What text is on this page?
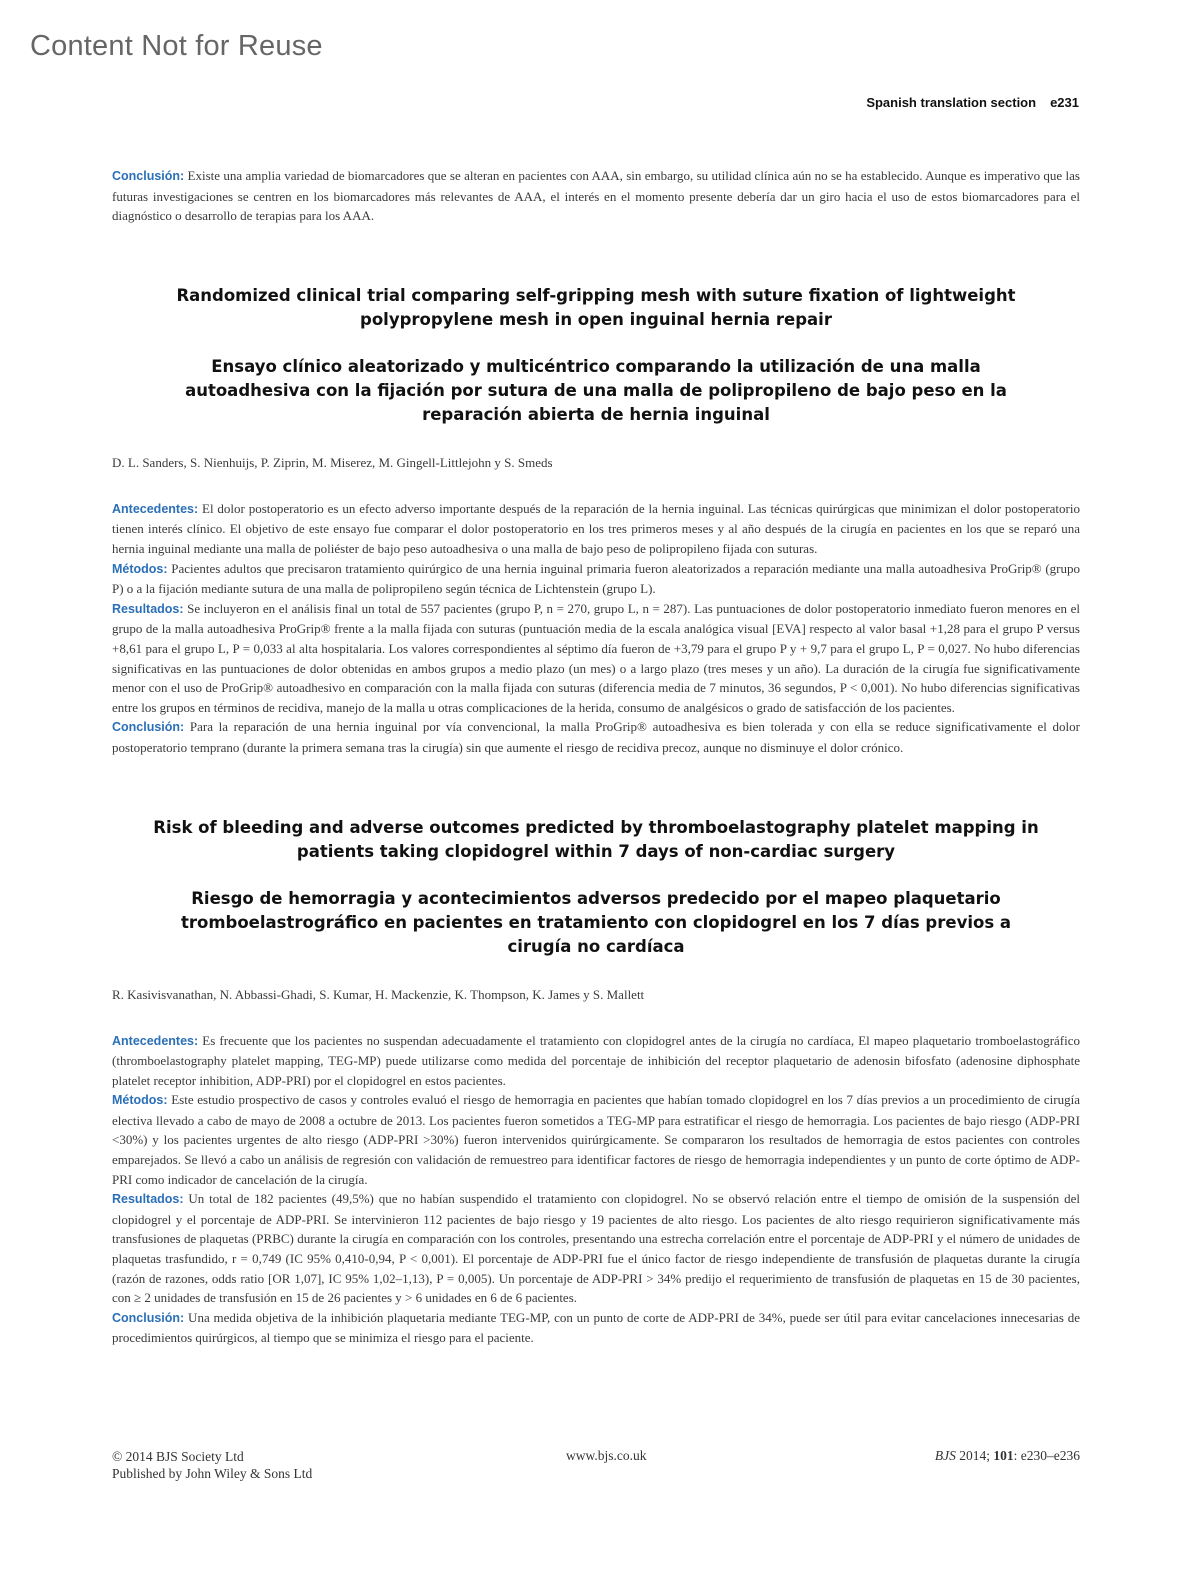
Content Not for Reuse
Spanish translation section e231

Conclusión: Existe una amplia variedad de biomarcadores que se alteran en pacientes con AAA, sin embargo, su utilidad clínica aún no se ha establecido. Aunque es imperativo que las futuras investigaciones se centren en los biomarcadores más relevantes de AAA, el interés en el momento presente debería dar un giro hacia el uso de estos biomarcadores para el diagnóstico o desarrollo de terapias para los AAA.

Randomized clinical trial comparing self-gripping mesh with suture fixation of lightweight polypropylene mesh in open inguinal hernia repair

Ensayo clínico aleatorizado y multicéntrico comparando la utilización de una malla autoadhesiva con la fijación por sutura de una malla de polipropileno de bajo peso en la reparación abierta de hernia inguinal

D. L. Sanders, S. Nienhuijs, P. Ziprin, M. Miserez, M. Gingell-Littlejohn y S. Smeds

Antecedentes: El dolor postoperatorio es un efecto adverso importante después de la reparación de la hernia inguinal. Las técnicas quirúrgicas que minimizan el dolor postoperatorio tienen interés clínico. El objetivo de este ensayo fue comparar el dolor postoperatorio en los tres primeros meses y al año después de la cirugía en pacientes en los que se reparó una hernia inguinal mediante una malla de poliéster de bajo peso autoadhesiva o una malla de bajo peso de polipropileno fijada con suturas.

Métodos: Pacientes adultos que precisaron tratamiento quirúrgico de una hernia inguinal primaria fueron aleatorizados a reparación mediante una malla autoadhesiva ProGrip® (grupo P) o a la fijación mediante sutura de una malla de polipropileno según técnica de Lichtenstein (grupo L).

Resultados: Se incluyeron en el análisis final un total de 557 pacientes (grupo P, n = 270, grupo L, n = 287). Las puntuaciones de dolor postoperatorio inmediato fueron menores en el grupo de la malla autoadhesiva ProGrip® frente a la malla fijada con suturas (puntuación media de la escala analógica visual [EVA] respecto al valor basal +1,28 para el grupo P versus +8,61 para el grupo L, P = 0,033 al alta hospitalaria. Los valores correspondientes al séptimo día fueron de +3,79 para el grupo P y + 9,7 para el grupo L, P = 0,027. No hubo diferencias significativas en las puntuaciones de dolor obtenidas en ambos grupos a medio plazo (un mes) o a largo plazo (tres meses y un año). La duración de la cirugía fue significativamente menor con el uso de ProGrip® autoadhesivo en comparación con la malla fijada con suturas (diferencia media de 7 minutos, 36 segundos, P < 0,001). No hubo diferencias significativas entre los grupos en términos de recidiva, manejo de la malla u otras complicaciones de la herida, consumo de analgésicos o grado de satisfacción de los pacientes.

Conclusión: Para la reparación de una hernia inguinal por vía convencional, la malla ProGrip® autoadhesiva es bien tolerada y con ella se reduce significativamente el dolor postoperatorio temprano (durante la primera semana tras la cirugía) sin que aumente el riesgo de recidiva precoz, aunque no disminuye el dolor crónico.

Risk of bleeding and adverse outcomes predicted by thromboelastography platelet mapping in patients taking clopidogrel within 7 days of non-cardiac surgery

Riesgo de hemorragia y acontecimientos adversos predecido por el mapeo plaquetario tromboelastrográfico en pacientes en tratamiento con clopidogrel en los 7 días previos a cirugía no cardíaca

R. Kasivisvanathan, N. Abbassi-Ghadi, S. Kumar, H. Mackenzie, K. Thompson, K. James y S. Mallett

Antecedentes: Es frecuente que los pacientes no suspendan adecuadamente el tratamiento con clopidogrel antes de la cirugía no cardíaca, El mapeo plaquetario tromboelastográfico (thromboelastography platelet mapping, TEG-MP) puede utilizarse como medida del porcentaje de inhibición del receptor plaquetario de adenosin bifosfato (adenosine diphosphate platelet receptor inhibition, ADP-PRI) por el clopidogrel en estos pacientes.

Métodos: Este estudio prospectivo de casos y controles evaluó el riesgo de hemorragia en pacientes que habían tomado clopidogrel en los 7 días previos a un procedimiento de cirugía electiva llevado a cabo de mayo de 2008 a octubre de 2013. Los pacientes fueron sometidos a TEG-MP para estratificar el riesgo de hemorragia. Los pacientes de bajo riesgo (ADP-PRI <30%) y los pacientes urgentes de alto riesgo (ADP-PRI >30%) fueron intervenidos quirúrgicamente. Se compararon los resultados de hemorragia de estos pacientes con controles emparejados. Se llevó a cabo un análisis de regresión con validación de remuestreo para identificar factores de riesgo de hemorragia independientes y un punto de corte óptimo de ADP-PRI como indicador de cancelación de la cirugía.

Resultados: Un total de 182 pacientes (49,5%) que no habían suspendido el tratamiento con clopidogrel. No se observó relación entre el tiempo de omisión de la suspensión del clopidogrel y el porcentaje de ADP-PRI. Se intervinieron 112 pacientes de bajo riesgo y 19 pacientes de alto riesgo. Los pacientes de alto riesgo requirieron significativamente más transfusiones de plaquetas (PRBC) durante la cirugía en comparación con los controles, presentando una estrecha correlación entre el porcentaje de ADP-PRI y el número de unidades de plaquetas trasfundido, r = 0,749 (IC 95% 0,410-0,94, P < 0,001). El porcentaje de ADP-PRI fue el único factor de riesgo independiente de transfusión de plaquetas durante la cirugía (razón de razones, odds ratio [OR 1,07], IC 95% 1,02–1,13), P = 0,005). Un porcentaje de ADP-PRI > 34% predijo el requerimiento de transfusión de plaquetas en 15 de 30 pacientes, con ≥ 2 unidades de transfusión en 15 de 26 pacientes y > 6 unidades en 6 de 6 pacientes.

Conclusión: Una medida objetiva de la inhibición plaquetaria mediante TEG-MP, con un punto de corte de ADP-PRI de 34%, puede ser útil para evitar cancelaciones innecesarias de procedimientos quirúrgicos, al tiempo que se minimiza el riesgo para el paciente.

© 2014 BJS Society Ltd
Published by John Wiley & Sons Ltd
www.bjs.co.uk	BJS 2014; 101: e230–e236
